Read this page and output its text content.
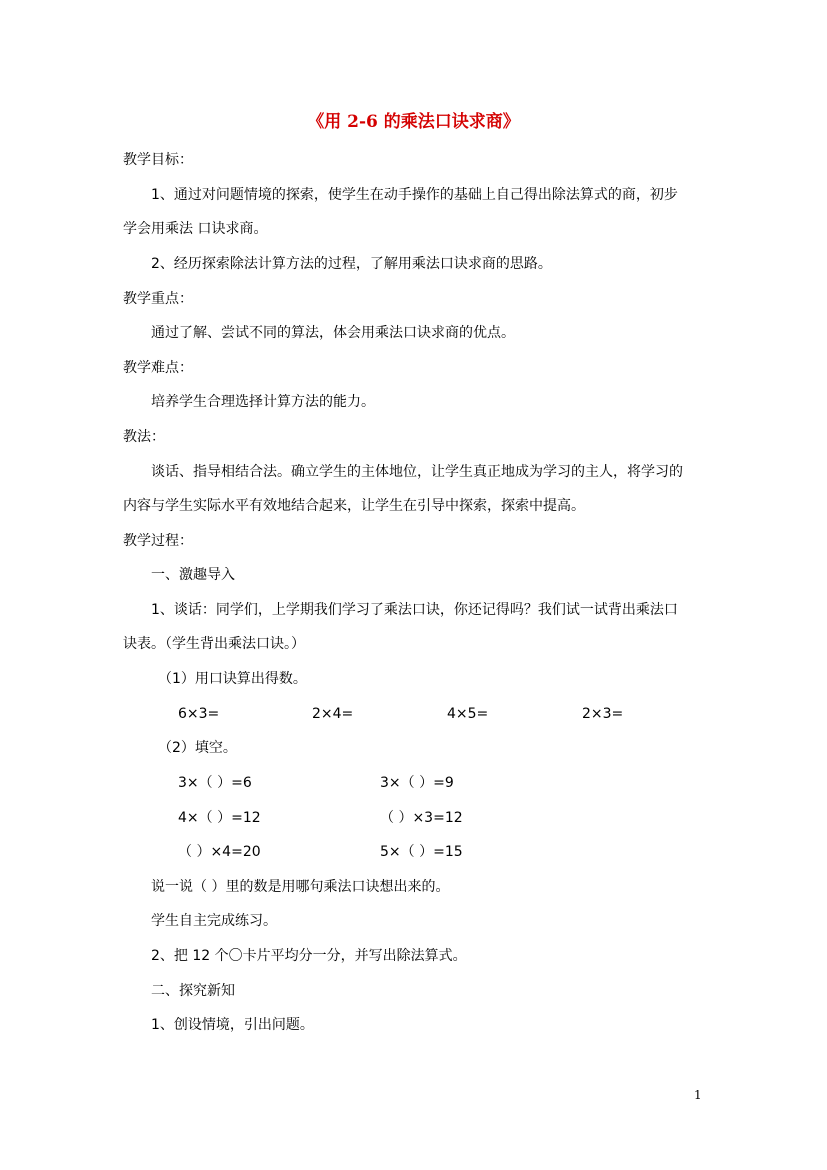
《用 2-6 的乘法口诀求商》
教学目标：
1、通过对问题情境的探索，使学生在动手操作的基础上自己得出除法算式的商，初步
学会用乘法 口诀求商。
2、经历探索除法计算方法的过程，了解用乘法口诀求商的思路。
教学重点：
通过了解、尝试不同的算法，体会用乘法口诀求商的优点。
教学难点：
培养学生合理选择计算方法的能力。
教法：
谈话、指导相结合法。确立学生的主体地位，让学生真正地成为学习的主人，将学习的
内容与学生实际水平有效地结合起来，让学生在引导中探索，探索中提高。
教学过程：
一、激趣导入
1、谈话：同学们，上学期我们学习了乘法口诀，你还记得吗？我们试一试背出乘法口
诀表。（学生背出乘法口诀。）
（1）用口诀算出得数。
6×3=	2×4=	4×5=	2×3=
（2）填空。
3×（ ）=6	3×（ ）=9
4×（ ）=12	（ ）×3=12
（ ）×4=20	5×（ ）=15
说一说（ ）里的数是用哪句乘法口诀想出来的。
学生自主完成练习。
2、把 12 个〇卡片平均分一分，并写出除法算式。
二、探究新知
1、创设情境，引出问题。
1
